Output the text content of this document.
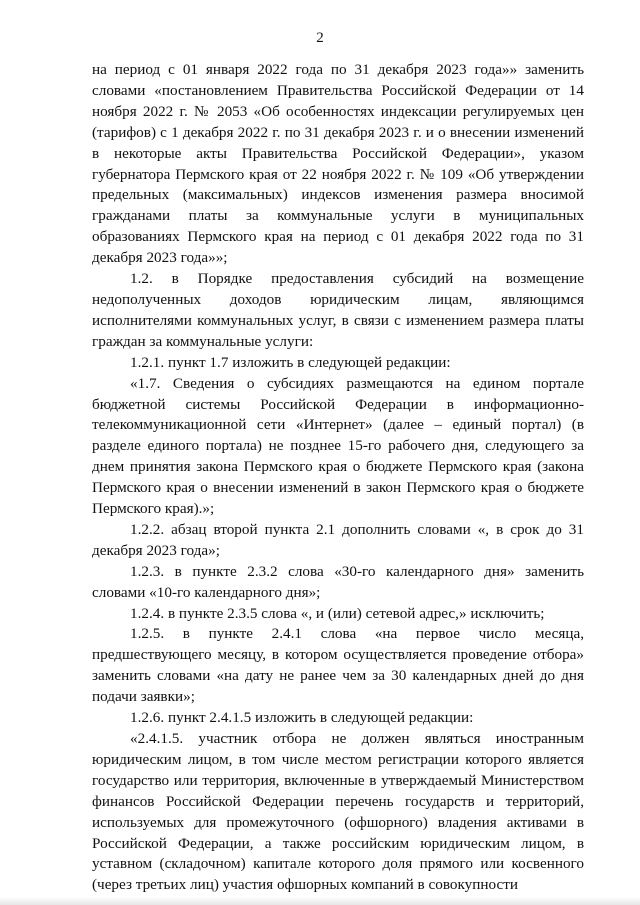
2

на период с 01 января 2022 года по 31 декабря 2023 года»» заменить словами «постановлением Правительства Российской Федерации от 14 ноября 2022 г. № 2053 «Об особенностях индексации регулируемых цен (тарифов) с 1 декабря 2022 г. по 31 декабря 2023 г. и о внесении изменений в некоторые акты Правительства Российской Федерации», указом губернатора Пермского края от 22 ноября 2022 г. № 109 «Об утверждении предельных (максимальных) индексов изменения размера вносимой гражданами платы за коммунальные услуги в муниципальных образованиях Пермского края на период с 01 декабря 2022 года по 31 декабря 2023 года»»;

1.2. в Порядке предоставления субсидий на возмещение недополученных доходов юридическим лицам, являющимся исполнителями коммунальных услуг, в связи с изменением размера платы граждан за коммунальные услуги:

1.2.1. пункт 1.7 изложить в следующей редакции:

«1.7. Сведения о субсидиях размещаются на едином портале бюджетной системы Российской Федерации в информационно-телекоммуникационной сети «Интернет» (далее – единый портал) (в разделе единого портала) не позднее 15-го рабочего дня, следующего за днем принятия закона Пермского края о бюджете Пермского края (закона Пермского края о внесении изменений в закон Пермского края о бюджете Пермского края).»;

1.2.2. абзац второй пункта 2.1 дополнить словами «, в срок до 31 декабря 2023 года»;

1.2.3. в пункте 2.3.2 слова «30-го календарного дня» заменить словами «10-го календарного дня»;

1.2.4. в пункте 2.3.5 слова «, и (или) сетевой адрес,» исключить;

1.2.5. в пункте 2.4.1 слова «на первое число месяца, предшествующего месяцу, в котором осуществляется проведение отбора» заменить словами «на дату не ранее чем за 30 календарных дней до дня подачи заявки»;

1.2.6. пункт 2.4.1.5 изложить в следующей редакции:

«2.4.1.5. участник отбора не должен являться иностранным юридическим лицом, в том числе местом регистрации которого является государство или территория, включенные в утверждаемый Министерством финансов Российской Федерации перечень государств и территорий, используемых для промежуточного (офшорного) владения активами в Российской Федерации, а также российским юридическим лицом, в уставном (складочном) капитале которого доля прямого или косвенного (через третьих лиц) участия офшорных компаний в совокупности
